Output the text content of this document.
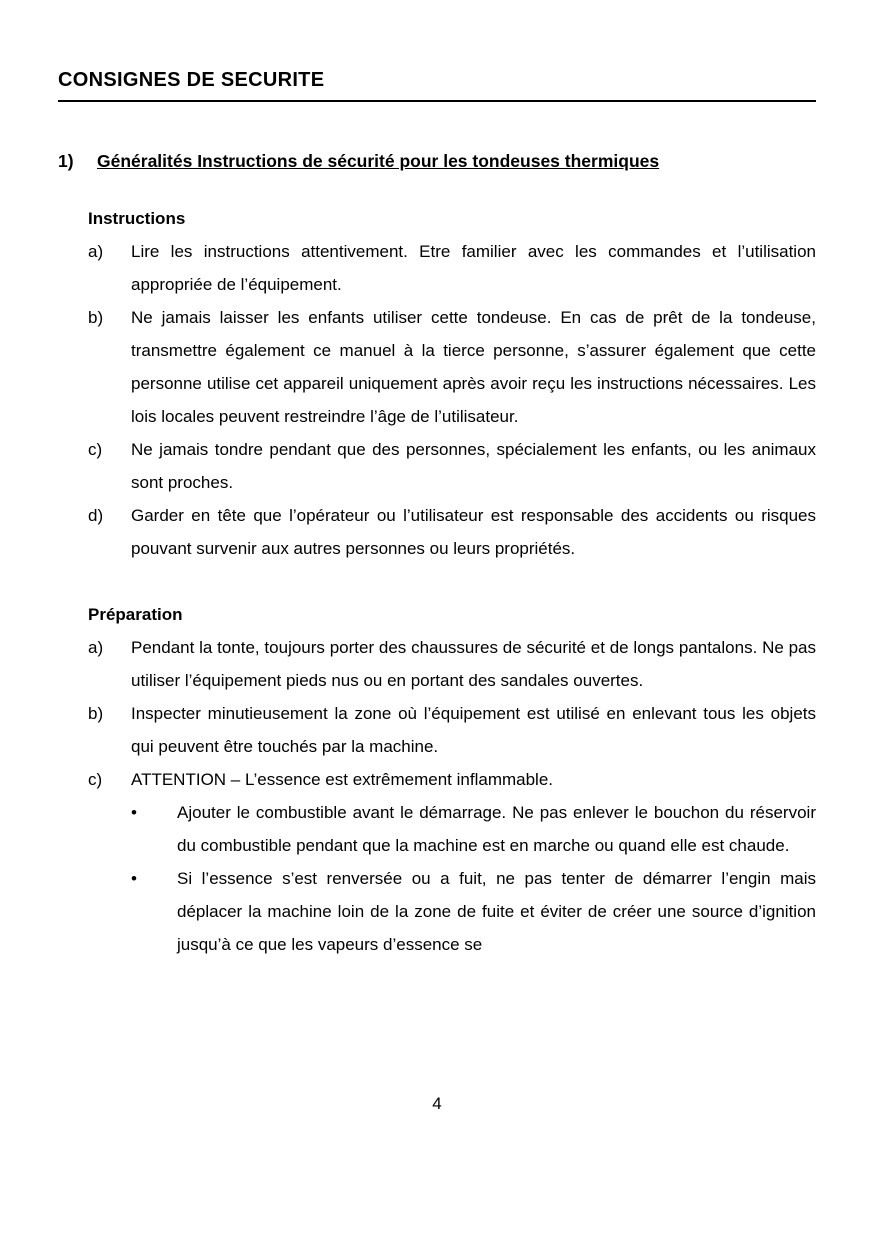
CONSIGNES DE SECURITE
1)	Généralités Instructions de sécurité pour les tondeuses thermiques
Instructions
a)	Lire les instructions attentivement. Etre familier avec les commandes et l’utilisation appropriée de l’équipement.
b)	Ne jamais laisser les enfants utiliser cette tondeuse. En cas de prêt de la tondeuse, transmettre également ce manuel à la tierce personne, s’assurer également que cette personne utilise cet appareil uniquement après avoir reçu les instructions nécessaires. Les lois locales peuvent restreindre l’âge de l’utilisateur.
c)	Ne jamais tondre pendant que des personnes, spécialement les enfants, ou les animaux sont proches.
d)	Garder en tête que l’opérateur ou l’utilisateur est responsable des accidents ou risques pouvant survenir aux autres personnes ou leurs propriétés.
Préparation
a)	Pendant la tonte, toujours porter des chaussures de sécurité et de longs pantalons. Ne pas utiliser l’équipement pieds nus ou en portant des sandales ouvertes.
b)	Inspecter minutieusement la zone où l’équipement est utilisé en enlevant tous les objets qui peuvent être touchés par la machine.
c)	ATTENTION – L’essence est extrêmement inflammable.
•	Ajouter le combustible avant le démarrage. Ne pas enlever le bouchon du réservoir du combustible pendant que la machine est en marche ou quand elle est chaude.
•	Si l’essence s’est renversée ou a fuit, ne pas tenter de démarrer l’engin mais déplacer la machine loin de la zone de fuite et éviter de créer une source d’ignition jusqu’à ce que les vapeurs d’essence se
4
